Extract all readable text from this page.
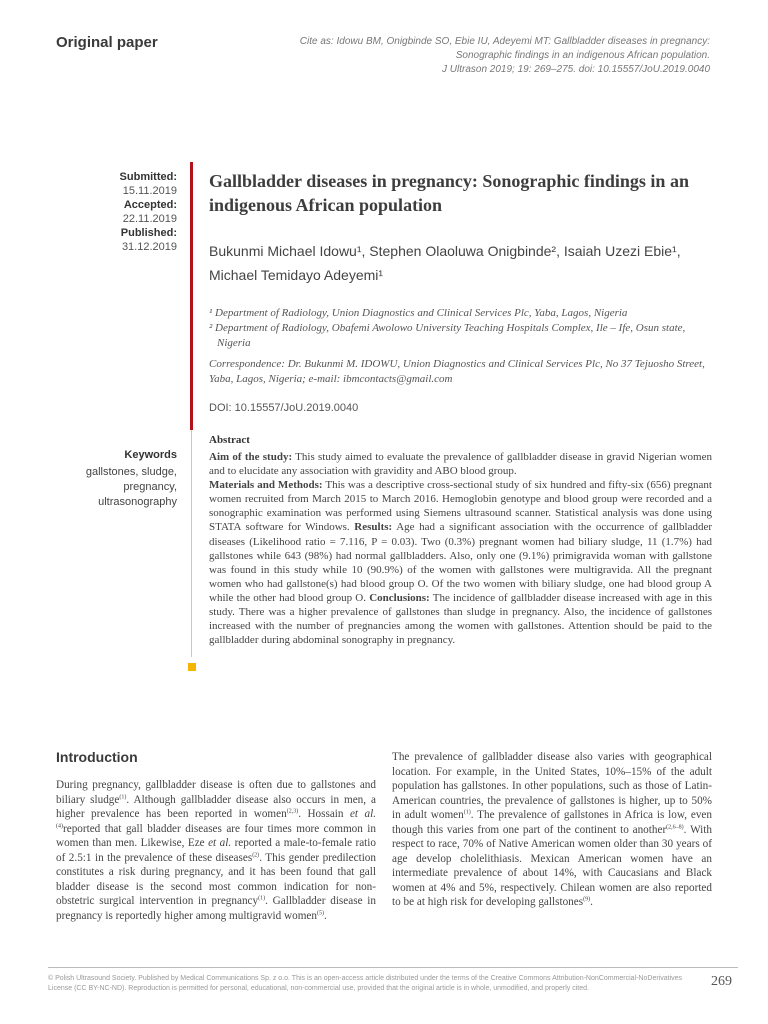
Original paper	Cite as: Idowu BM, Onigbinde SO, Ebie IU, Adeyemi MT: Gallbladder diseases in pregnancy:
Sonographic findings in an indigenous African population.
J Ultrason 2019; 19: 269–275. doi: 10.15557/JoU.2019.0040
Submitted:
15.11.2019
Accepted:
22.11.2019
Published:
31.12.2019
Gallbladder diseases in pregnancy: Sonographic findings in an indigenous African population
Bukunmi Michael Idowu¹, Stephen Olaoluwa Onigbinde², Isaiah Uzezi Ebie¹, Michael Temidayo Adeyemi¹
¹ Department of Radiology, Union Diagnostics and Clinical Services Plc, Yaba, Lagos, Nigeria
² Department of Radiology, Obafemi Awolowo University Teaching Hospitals Complex, Ile – Ife, Osun state, Nigeria
Correspondence: Dr. Bukunmi M. IDOWU, Union Diagnostics and Clinical Services Plc, No 37 Tejuosho Street, Yaba, Lagos, Nigeria; e-mail: ibmcontacts@gmail.com
DOI: 10.15557/JoU.2019.0040
Keywords
gallstones, sludge, pregnancy, ultrasonography
Abstract
Aim of the study: This study aimed to evaluate the prevalence of gallbladder disease in gravid Nigerian women and to elucidate any association with gravidity and ABO blood group.
Materials and Methods: This was a descriptive cross-sectional study of six hundred and fifty-six (656) pregnant women recruited from March 2015 to March 2016. Hemoglobin genotype and blood group were recorded and a sonographic examination was performed using Siemens ultrasound scanner. Statistical analysis was done using STATA software for Windows. Results: Age had a significant association with the occurrence of gallbladder diseases (Likelihood ratio = 7.116, P = 0.03). Two (0.3%) pregnant women had biliary sludge, 11 (1.7%) had gallstones while 643 (98%) had normal gallbladders. Also, only one (9.1%) primigravida woman with gallstone was found in this study while 10 (90.9%) of the women with gallstones were multigravida. All the pregnant women who had gallstone(s) had blood group O. Of the two women with biliary sludge, one had blood group A while the other had blood group O. Conclusions: The incidence of gallbladder disease increased with age in this study. There was a higher prevalence of gallstones than sludge in pregnancy. Also, the incidence of gallstones increased with the number of pregnancies among the women with gallstones. Attention should be paid to the gallbladder during abdominal sonography in pregnancy.
Introduction
During pregnancy, gallbladder disease is often due to gallstones and biliary sludge$^{(1)}$. Although gallbladder disease also occurs in men, a higher prevalence has been reported in women$^{(2,3)}$. Hossain et al.$^{(4)}$reported that gall bladder diseases are four times more common in women than men. Likewise, Eze et al. reported a male-to-female ratio of 2.5:1 in the prevalence of these diseases$^{(2)}$. This gender predilection constitutes a risk during pregnancy, and it has been found that gall bladder disease is the second most common indication for non-obstetric surgical intervention in pregnancy$^{(1)}$. Gallbladder disease in pregnancy is reportedly higher among multigravid women$^{(5)}$.
The prevalence of gallbladder disease also varies with geographical location. For example, in the United States, 10%–15% of the adult population has gallstones. In other populations, such as those of Latin-American countries, the prevalence of gallstones is higher, up to 50% in adult women$^{(1)}$. The prevalence of gallstones in Africa is low, even though this varies from one part of the continent to another$^{(2,6-8)}$. With respect to race, 70% of Native American women older than 30 years of age develop cholelithiasis. Mexican American women have an intermediate prevalence of about 14%, with Caucasians and Black women at 4% and 5%, respectively. Chilean women are also reported to be at high risk for developing gallstones$^{(9)}$.
© Polish Ultrasound Society. Published by Medical Communications Sp. z o.o. This is an open-access article distributed under the terms of the Creative Commons Attribution-NonCommercial-NoDerivatives License (CC BY-NC-ND). Reproduction is permitted for personal, educational, non-commercial use, provided that the original article is in whole, unmodified, and properly cited.	269
